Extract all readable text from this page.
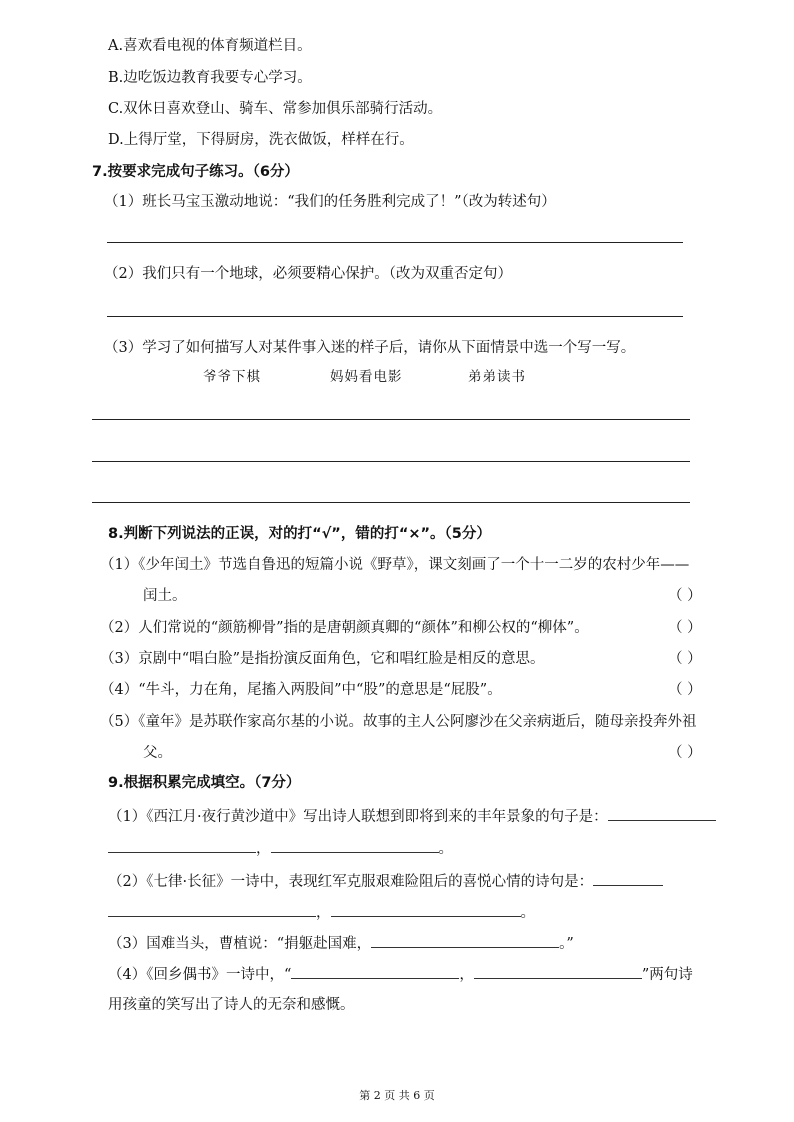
A.喜欢看电视的体育频道栏目。
B.边吃饭边教育我要专心学习。
C.双休日喜欢登山、骑车、常参加俱乐部骑行活动。
D.上得厅堂，下得厨房，洗衣做饭，样样在行。
7.按要求完成句子练习。（6分）
（1）班长马宝玉激动地说：“我们的任务胜利完成了！”（改为转述句）
（2）我们只有一个地球，必须要精心保护。（改为双重否定句）
（3）学习了如何描写人对某件事入迷的样子后，请你从下面情景中选一个写一写。
爷爷下棋	妈妈看电影	弟弟读书
8.判断下列说法的正误，对的打“√”，错的打“×”。（5分）
（1）《少年闰土》节选自鲁迅的短篇小说《野草》，课文刻画了一个十一二岁的农村少年——
闰土。	（ ）
（2）人们常说的“颜筋柳骨”指的是唐朝颜真卿的“颜体”和柳公权的“柳体”。	（ ）
（3）京剧中“唱白脸”是指扮演反面角色，它和唱红脸是相反的意思。	（ ）
（4）“牛斗，力在角，尾搐入两股间”中“股”的意思是“屁股”。	（ ）
（5）《童年》是苏联作家高尔基的小说。故事的主人公阿廖沙在父亲病逝后，随母亲投奔外祖
父。	（ ）
9.根据积累完成填空。（7分）
（1）《西江月·夜行黄沙道中》写出诗人联想到即将到来的丰年景象的句子是：
，	。
（2）《七律·长征》一诗中，表现红军克服艰难险阻后的喜悦心情的诗句是：
，	。
（3）国难当头，曹植说：“捐躯赴国难，	。”
（4）《回乡偶书》一诗中，“	，	”两句诗
用孩童的笑写出了诗人的无奈和感慨。
第 2 页 共 6 页
